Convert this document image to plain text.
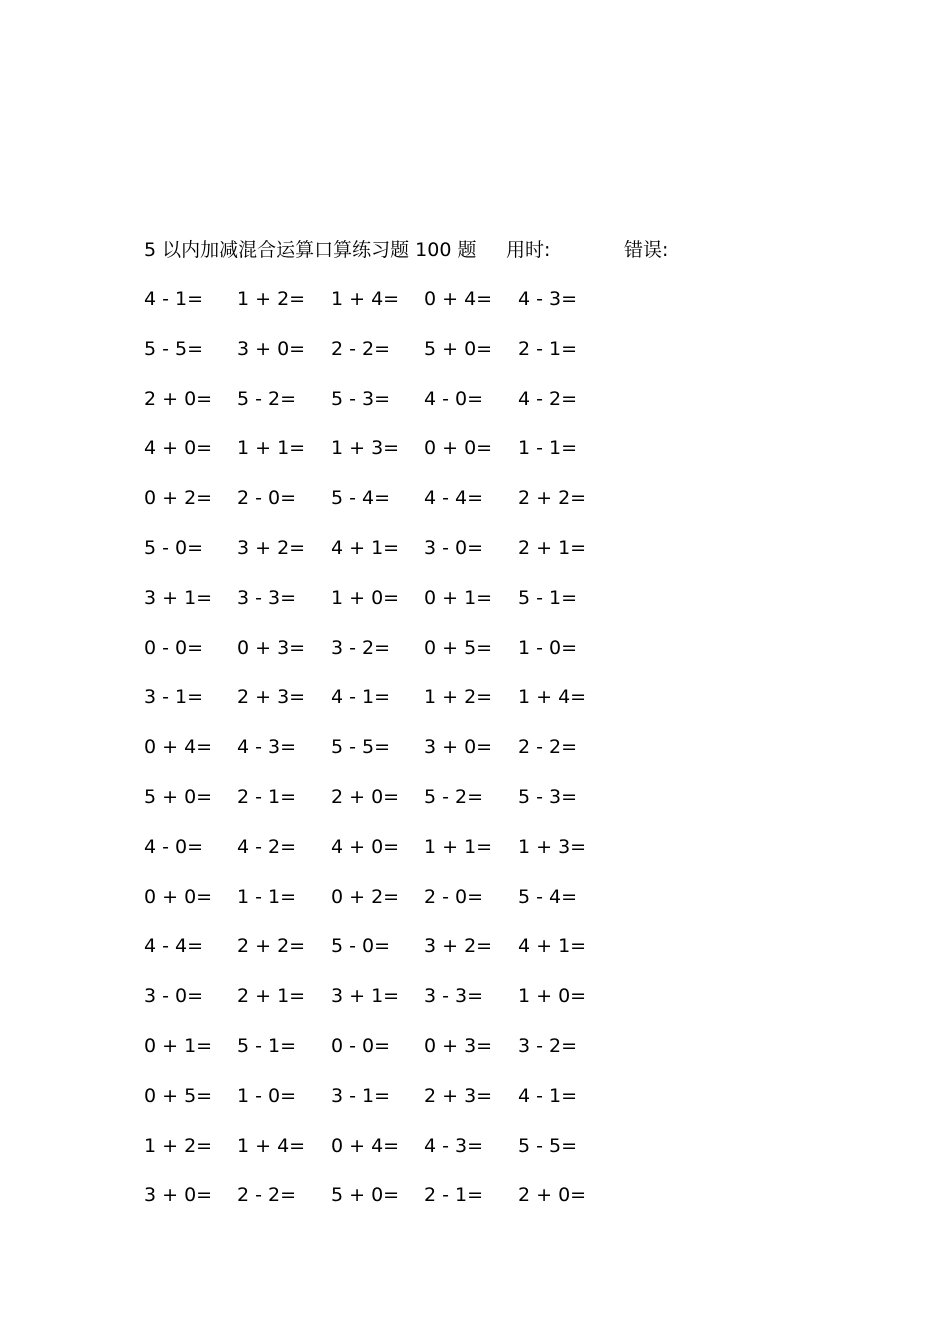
5 以内加减混合运算口算练习题 100 题 用时:	错误:
4 - 1= 1 + 2= 1 + 4= 0 + 4= 4 - 3=
5 - 5= 3 + 0= 2 - 2= 5 + 0= 2 - 1=
2 + 0= 5 - 2= 5 - 3= 4 - 0= 4 - 2=
4 + 0= 1 + 1= 1 + 3= 0 + 0= 1 - 1=
0 + 2= 2 - 0= 5 - 4= 4 - 4= 2 + 2=
5 - 0= 3 + 2= 4 + 1= 3 - 0= 2 + 1=
3 + 1= 3 - 3= 1 + 0= 0 + 1= 5 - 1=
0 - 0= 0 + 3= 3 - 2= 0 + 5= 1 - 0=
3 - 1= 2 + 3= 4 - 1= 1 + 2= 1 + 4=
0 + 4= 4 - 3= 5 - 5= 3 + 0= 2 - 2=
5 + 0= 2 - 1= 2 + 0= 5 - 2= 5 - 3=
4 - 0= 4 - 2= 4 + 0= 1 + 1= 1 + 3=
0 + 0= 1 - 1= 0 + 2= 2 - 0= 5 - 4=
4 - 4= 2 + 2= 5 - 0= 3 + 2= 4 + 1=
3 - 0= 2 + 1= 3 + 1= 3 - 3= 1 + 0=
0 + 1= 5 - 1= 0 - 0= 0 + 3= 3 - 2=
0 + 5= 1 - 0= 3 - 1= 2 + 3= 4 - 1=
1 + 2= 1 + 4= 0 + 4= 4 - 3= 5 - 5=
3 + 0= 2 - 2= 5 + 0= 2 - 1= 2 + 0=
